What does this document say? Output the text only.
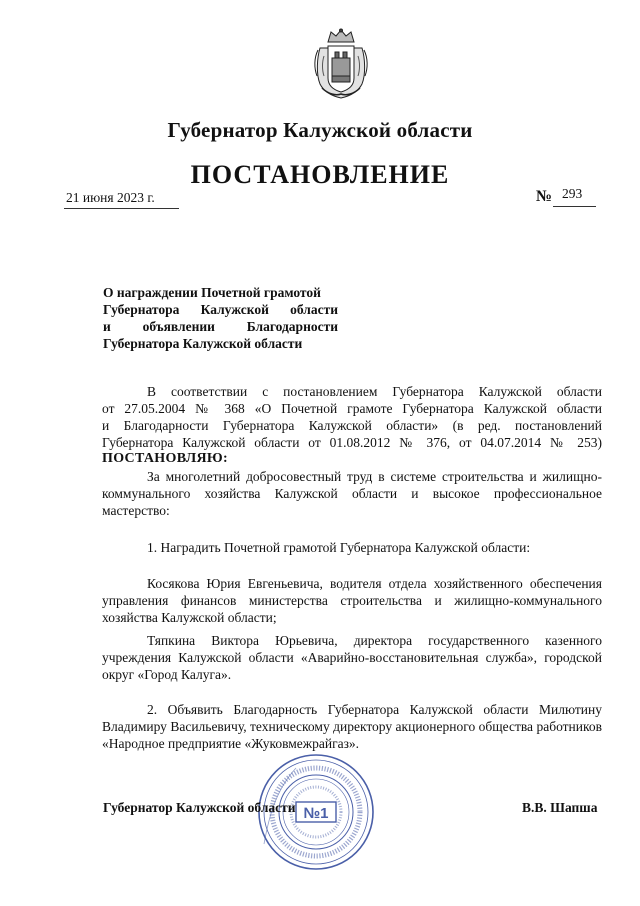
Губернатор Калужской области
ПОСТАНОВЛЕНИЕ
21 июня 2023 г.	№ 293
О награждении Почетной грамотой
Губернатора Калужской области
и объявлении Благодарности
Губернатора Калужской области
В соответствии с постановлением Губернатора Калужской области
от 27.05.2004 № 368 «О Почетной грамоте Губернатора Калужской области
и Благодарности Губернатора Калужской области» (в ред. постановлений
Губернатора Калужской области от 01.08.2012 № 376, от 04.07.2014 № 253)
ПОСТАНОВЛЯЮ:
За многолетний добросовестный труд в системе строительства и жилищно-коммунального хозяйства Калужской области и высокое профессиональное мастерство:
1. Наградить Почетной грамотой Губернатора Калужской области:
Косякова Юрия Евгеньевича, водителя отдела хозяйственного обеспечения управления финансов министерства строительства и жилищно-коммунального хозяйства Калужской области;
Тяпкина Виктора Юрьевича, директора государственного казенного учреждения Калужской области «Аварийно-восстановительная служба», городской округ «Город Калуга».
2. Объявить Благодарность Губернатора Калужской области Милютину Владимиру Васильевичу, техническому директору акционерного общества работников «Народное предприятие «Жуковмежрайгаз».
№1
Губернатор Калужской области	В.В. Шапша
